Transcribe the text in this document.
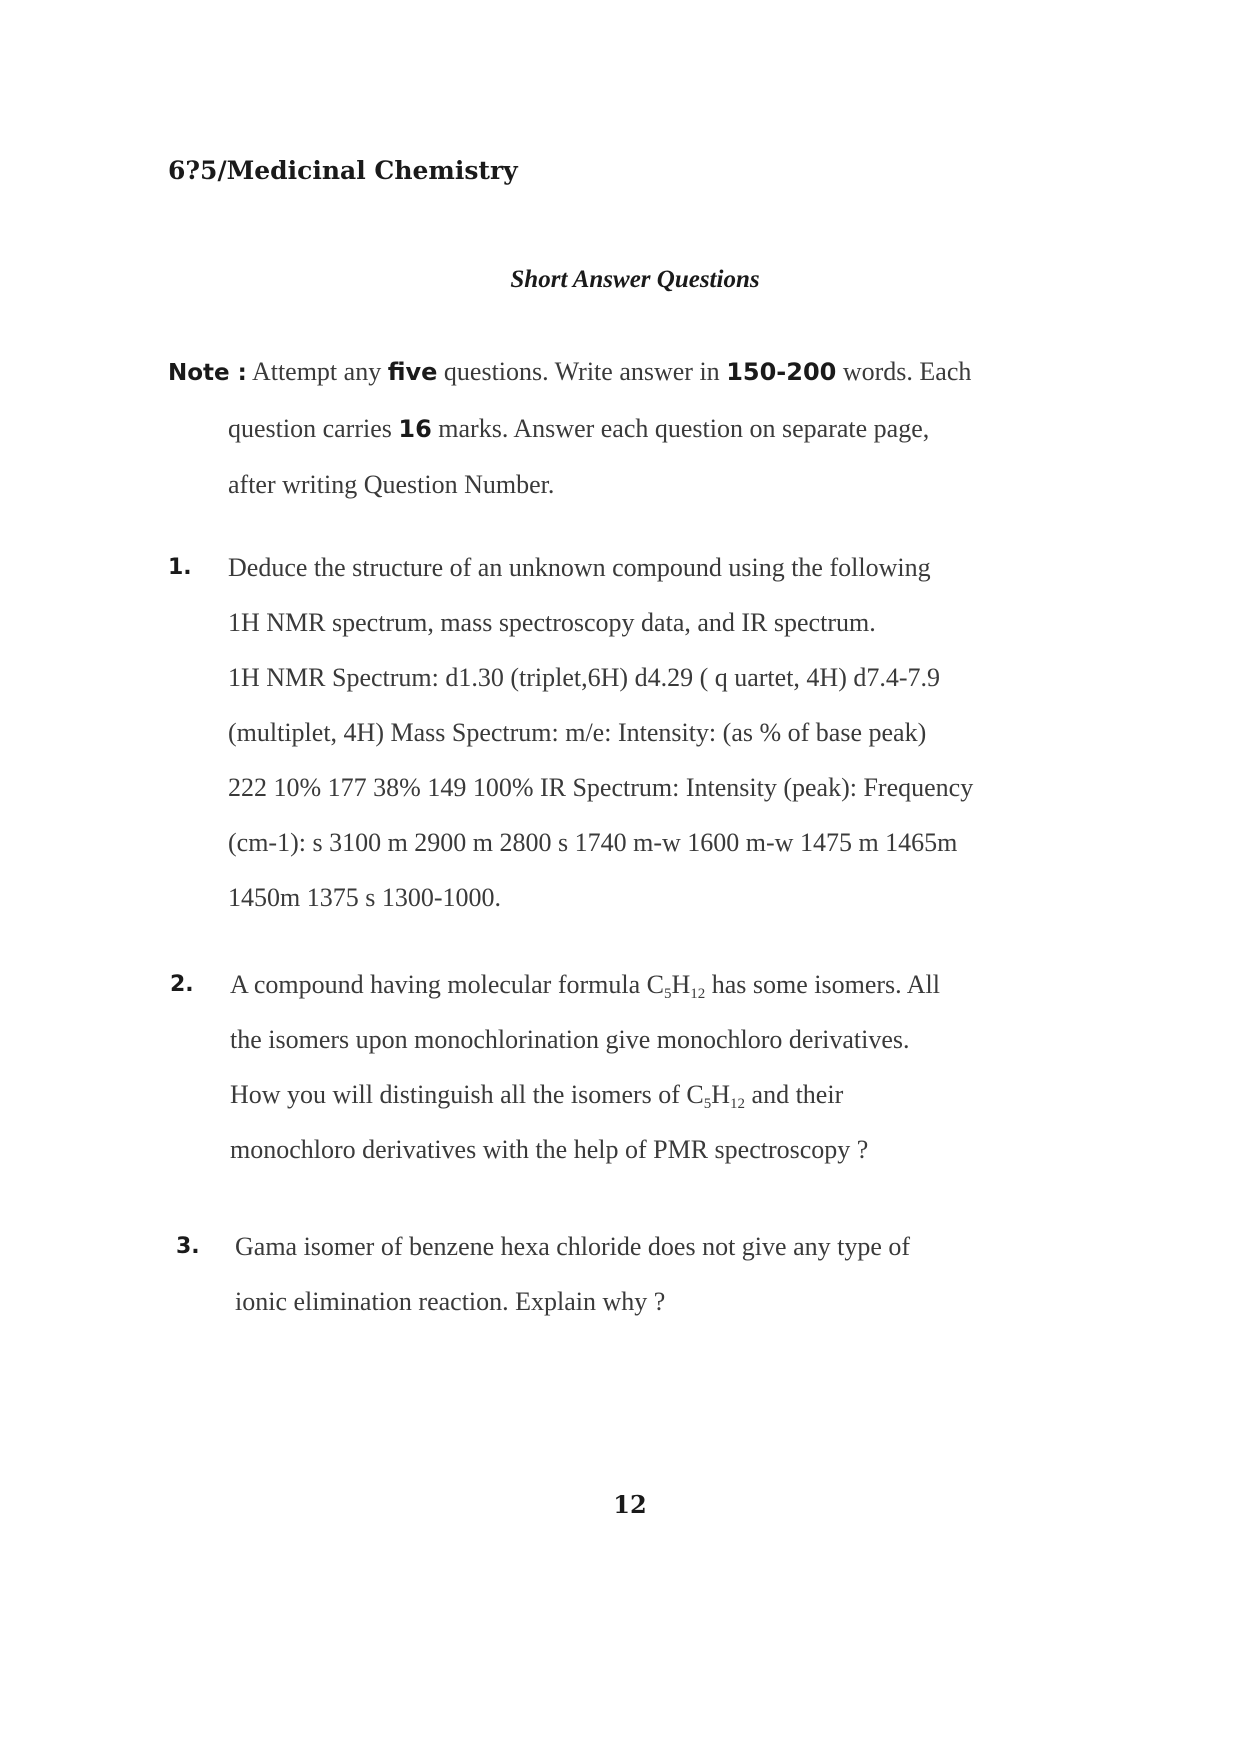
6?5/Medicinal Chemistry
Short Answer Questions
Note : Attempt any five questions. Write answer in 150-200 words. Each
question carries 16 marks. Answer each question on separate page,
after writing Question Number.
1. Deduce the structure of an unknown compound using the following

1H NMR spectrum, mass spectroscopy data, and IR spectrum.

1H NMR Spectrum: d1.30 (triplet,6H) d4.29 ( q uartet, 4H) d7.4-7.9

(multiplet, 4H) Mass Spectrum: m/e: Intensity: (as % of base peak)

222 10% 177 38% 149 100% IR Spectrum: Intensity (peak): Frequency

(cm-1): s 3100 m 2900 m 2800 s 1740 m-w 1600 m-w 1475 m 1465m

1450m 1375 s 1300-1000.

2. A compound having molecular formula $C_5H_{12}$ has some isomers. All

the isomers upon monochlorination give monochloro derivatives.

How you will distinguish all the isomers of $C_5H_{12}$ and their

monochloro derivatives with the help of PMR spectroscopy ?

3. Gama isomer of benzene hexa chloride does not give any type of

ionic elimination reaction. Explain why ?

12
